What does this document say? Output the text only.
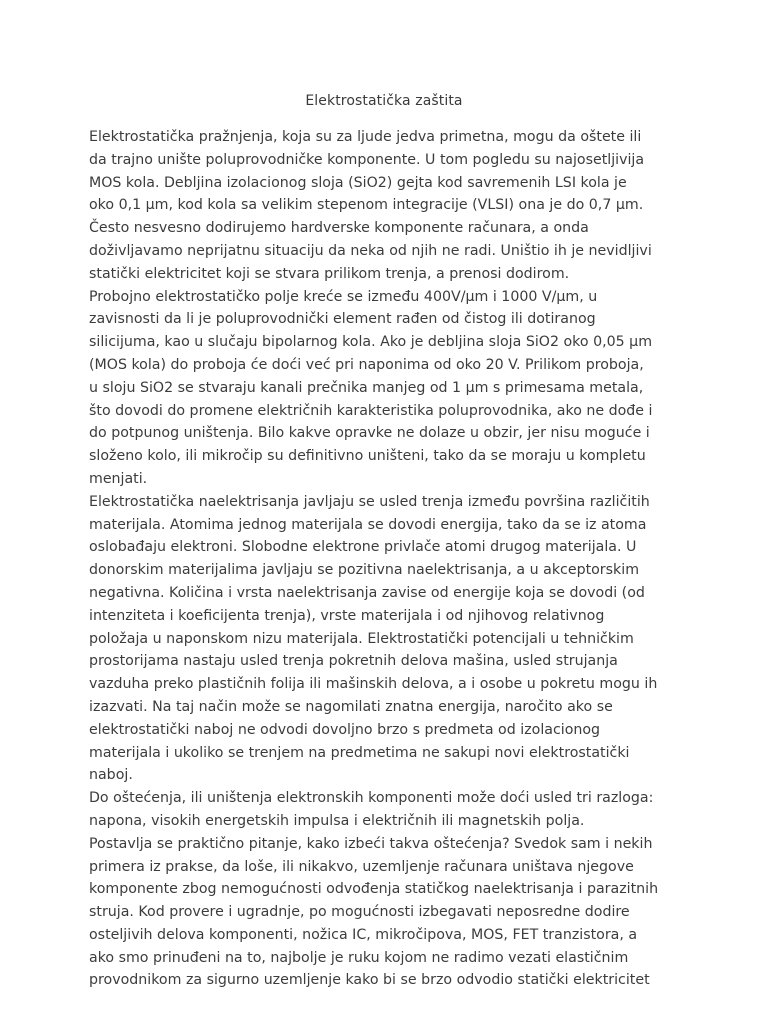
Elektrostatička zaštita
Elektrostatička pražnjenja, koja su za ljude jedva primetna, mogu da oštete ili
da trajno unište poluprovodničke komponente. U tom pogledu su najosetljivija
MOS kola. Debljina izolacionog sloja (SiO2) gejta kod savremenih LSI kola je
oko 0,1 µm, kod kola sa velikim stepenom integracije (VLSI) ona je do 0,7 µm.
Često nesvesno dodirujemo hardverske komponente računara, a onda
doživljavamo neprijatnu situaciju da neka od njih ne radi. Uništio ih je nevidljivi
statički elektricitet koji se stvara prilikom trenja, a prenosi dodirom.
Probojno elektrostatičko polje kreće se između 400V/µm i 1000 V/µm, u
zavisnosti da li je poluprovodnički element rađen od čistog ili dotiranog
silicijuma, kao u slučaju bipolarnog kola. Ako je debljina sloja SiO2 oko 0,05 µm
(MOS kola) do proboja će doći već pri naponima od oko 20 V. Prilikom proboja,
u sloju SiO2 se stvaraju kanali prečnika manjeg od 1 µm s primesama metala,
što dovodi do promene električnih karakteristika poluprovodnika, ako ne dođe i
do potpunog uništenja. Bilo kakve opravke ne dolaze u obzir, jer nisu moguće i
složeno kolo, ili mikročip su definitivno uništeni, tako da se moraju u kompletu
menjati.
Elektrostatička naelektrisanja javljaju se usled trenja između površina različitih
materijala. Atomima jednog materijala se dovodi energija, tako da se iz atoma
oslobađaju elektroni. Slobodne elektrone privlače atomi drugog materijala. U
donorskim materijalima javljaju se pozitivna naelektrisanja, a u akceptorskim
negativna. Količina i vrsta naelektrisanja zavise od energije koja se dovodi (od
intenziteta i koeficijenta trenja), vrste materijala i od njihovog relativnog
položaja u naponskom nizu materijala. Elektrostatički potencijali u tehničkim
prostorijama nastaju usled trenja pokretnih delova mašina, usled strujanja
vazduha preko plastičnih folija ili mašinskih delova, a i osobe u pokretu mogu ih
izazvati. Na taj način može se nagomilati znatna energija, naročito ako se
elektrostatički naboj ne odvodi dovoljno brzo s predmeta od izolacionog
materijala i ukoliko se trenjem na predmetima ne sakupi novi elektrostatički
naboj.
Do oštećenja, ili uništenja elektronskih komponenti može doći usled tri razloga:
napona, visokih energetskih impulsa i električnih ili magnetskih polja.
Postavlja se praktično pitanje, kako izbeći takva oštećenja? Svedok sam i nekih
primera iz prakse, da loše, ili nikakvo, uzemljenje računara uništava njegove
komponente zbog nemogućnosti odvođenja statičkog naelektrisanja i parazitnih
struja. Kod provere i ugradnje, po mogućnosti izbegavati neposredne dodire
osteljivih delova komponenti, nožica IC, mikročipova, MOS, FET tranzistora, a
ako smo prinuđeni na to, najbolje je ruku kojom ne radimo vezati elastičnim
provodnikom za sigurno uzemljenje kako bi se brzo odvodio statički elektricitet
